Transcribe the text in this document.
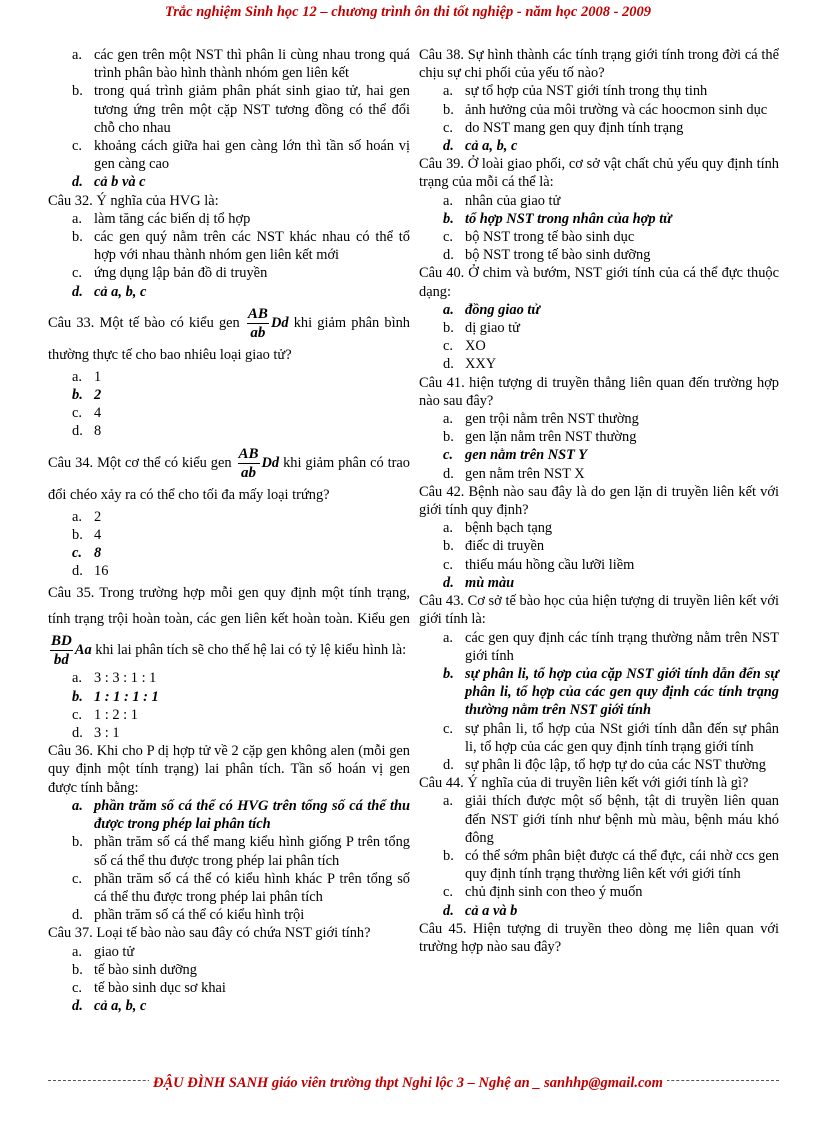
Trắc nghiệm Sinh học 12 – chương trình ôn thi tốt nghiệp - năm học 2008 - 2009
a. các gen trên một NST thì phân li cùng nhau trong quá trình phân bào hình thành nhóm gen liên kết
b. trong quá trình giảm phân phát sinh giao tử, hai gen tương ứng trên một cặp NST tương đồng có thể đổi chỗ cho nhau
c. khoảng cách giữa hai gen càng lớn thì tần số hoán vị gen càng cao
d. cả b và c
Câu 32. Ý nghĩa của HVG là:
a. làm tăng các biến dị tổ hợp
b. các gen quý nằm trên các NST khác nhau có thể tổ hợp với nhau thành nhóm gen liên kết mới
c. ứng dụng lập bản đồ di truyền
d. cả a, b, c
Câu 33. Một tế bào có kiểu gen $\frac{AB}{ab}$ Dd khi giảm phân bình thường thực tế cho bao nhiêu loại giao tử?
a. 1
b. 2
c. 4
d. 8
Câu 34. Một cơ thể có kiểu gen $\frac{AB}{ab}$ Dd khi giảm phân có trao đổi chéo xảy ra có thể cho tối đa mấy loại trứng?
a. 2
b. 4
c. 8
d. 16
Câu 35. Trong trường hợp mỗi gen quy định một tính trạng, tính trạng trội hoàn toàn, các gen liên kết hoàn toàn. Kiểu gen
$\frac{BD}{bd}$ Aa khi lai phân tích sẽ cho thế hệ lai có tỷ lệ kiểu hình là:
a. 3 : 3 : 1 : 1
b. 1 : 1 : 1 : 1
c. 1 : 2 : 1
d. 3 : 1
Câu 36. Khi cho P dị hợp tử về 2 cặp gen không alen (mỗi gen quy định một tính trạng) lai phân tích. Tần số hoán vị gen được tính bằng:
a. phần trăm số cá thể có HVG trên tổng số cá thể thu được trong phép lai phân tích
b. phần trăm số cá thể mang kiểu hình giống P trên tổng số cá thể thu được trong phép lai phân tích
c. phần trăm số cá thể có kiểu hình khác P trên tổng số cá thể thu được trong phép lai phân tích
d. phần trăm số cá thể có kiểu hình trội
Câu 37. Loại tế bào nào sau đây có chứa NST giới tính?
a. giao tử
b. tế bào sinh dưỡng
c. tế bào sinh dục sơ khai
d. cả a, b, c
Câu 38. Sự hình thành các tính trạng giới tính trong đời cá thể chịu sự chi phối của yếu tố nào?
a. sự tổ hợp của NST giới tính trong thụ tinh
b. ảnh hưởng của môi trường và các hoocmon sinh dục
c. do NST mang gen quy định tính trạng
d. cả a, b, c
Câu 39. Ở loài giao phối, cơ sở vật chất chủ yếu quy định tính trạng của mỗi cá thể là:
a. nhân của giao tử
b. tổ hợp NST trong nhân của hợp tử
c. bộ NST trong tế bào sinh dục
d. bộ NST trong tế bào sinh dưỡng
Câu 40. Ở chim và bướm, NST giới tính của cá thể đực thuộc dạng:
a. đồng giao tử
b. dị giao tử
c. XO
d. XXY
Câu 41. hiện tượng di truyền thẳng liên quan đến trường hợp nào sau đây?
a. gen trội nằm trên NST thường
b. gen lặn nằm trên NST thường
c. gen nằm trên NST Y
d. gen nằm trên NST X
Câu 42. Bệnh nào sau đây là do gen lặn di truyền liên kết với giới tính quy định?
a. bệnh bạch tạng
b. điếc di truyền
c. thiếu máu hồng cầu lưỡi liềm
d. mù màu
Câu 43. Cơ sở tế bào học của hiện tượng di truyền liên kết với giới tính là:
a. các gen quy định các tính trạng thường nằm trên NST giới tính
b. sự phân li, tổ hợp của cặp NST giới tính dẫn đến sự phân li, tổ hợp của các gen quy định các tính trạng thường nằm trên NST giới tính
c. sự phân li, tổ hợp của NSt giới tính dẫn đến sự phân li, tổ hợp của các gen quy định tính trạng giới tính
d. sự phân li độc lập, tổ hợp tự do của các NST thường
Câu 44. Ý nghĩa của di truyền liên kết với giới tính là gì?
a. giải thích được một số bệnh, tật di truyền liên quan đến NST giới tính như bệnh mù màu, bệnh máu khó đông
b. có thể sớm phân biệt được cá thể đực, cái nhờ ccs gen quy định tính trạng thường liên kết với giới tính
c. chủ định sinh con theo ý muốn
d. cả a và b
Câu 45. Hiện tượng di truyền theo dòng mẹ liên quan với trường hợp nào sau đây?
ĐẬU ĐÌNH SANH giáo viên trường thpt Nghi lộc 3 – Nghệ an _ sanhhp@gmail.com
